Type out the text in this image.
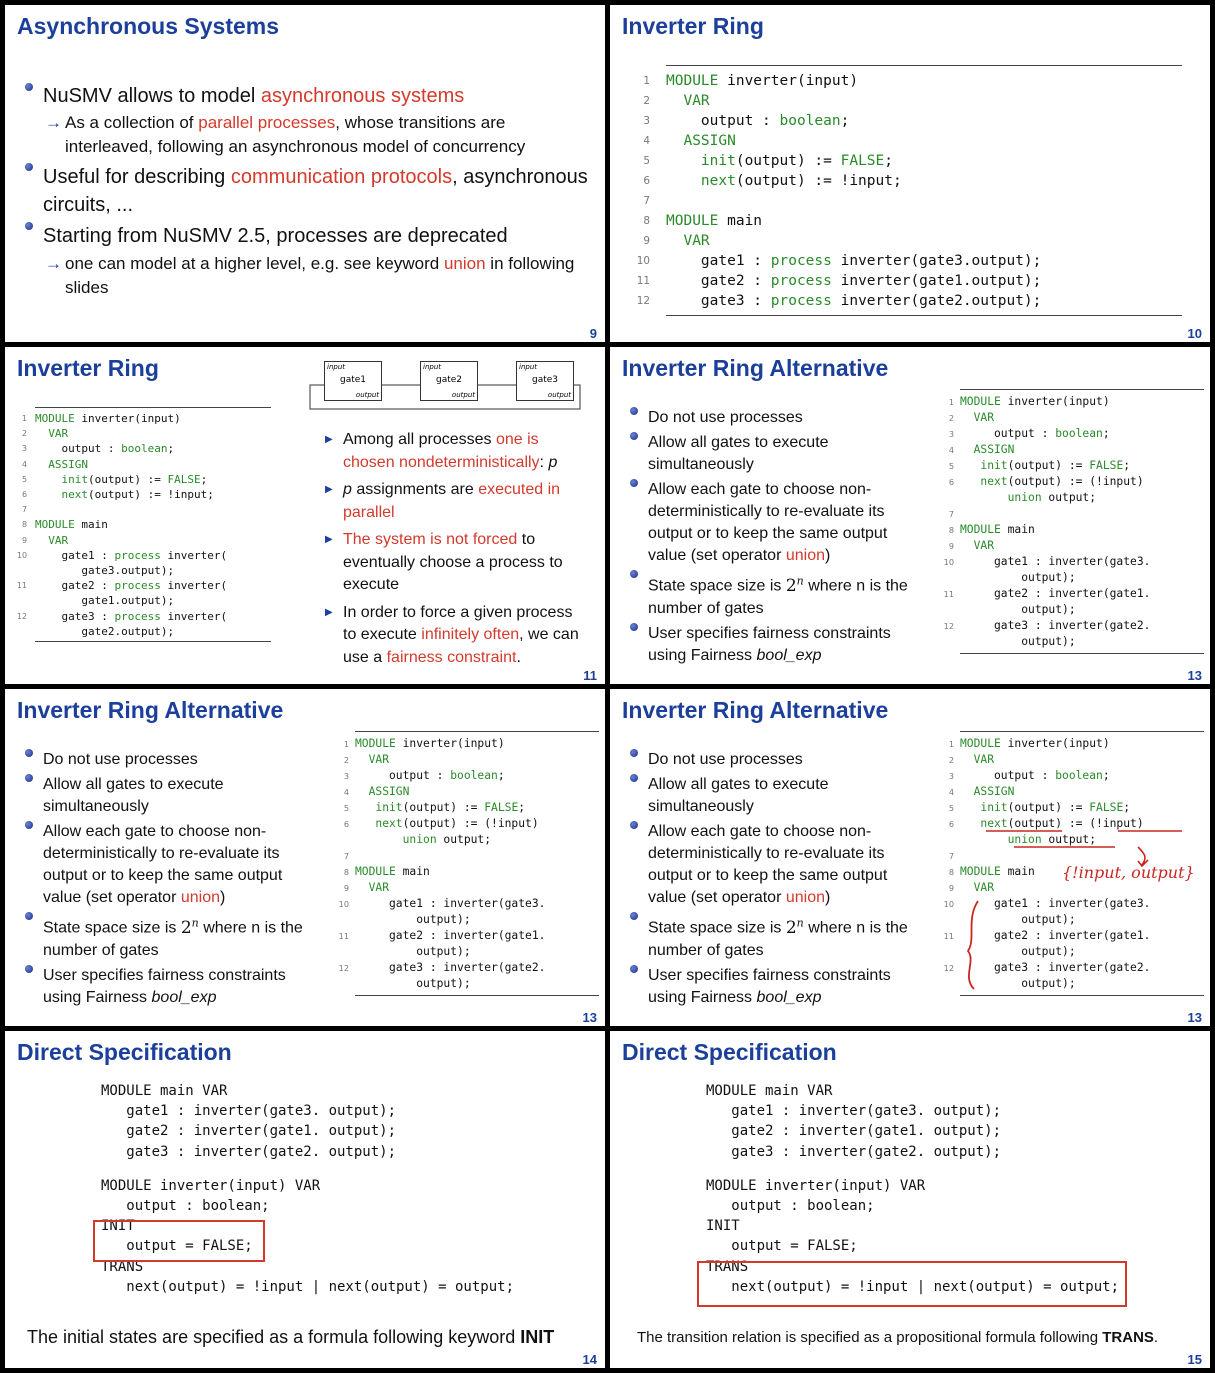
Asynchronous Systems
NuSMV allows to model asynchronous systems
→ As a collection of parallel processes, whose transitions are interleaved, following an asynchronous model of concurrency
Useful for describing communication protocols, asynchronous circuits, ...
Starting from NuSMV 2.5, processes are deprecated
→ one can model at a higher level, e.g. see keyword union in following slides
9
Inverter Ring
1 MODULE inverter(input)
2 VAR
3 output : boolean;
4 ASSIGN
5 init(output) := FALSE;
6 next(output) := !input;
7

8 MODULE main
9 VAR
10 gate1 : process inverter(gate3.output);
11 gate2 : process inverter(gate1.output);
12 gate3 : process inverter(gate2.output);
10
Inverter Ring	input
gate1
output
input
gate2
output
input
gate3
output
1 MODULE inverter(input)
2 VAR
3 output : boolean;
4 ASSIGN
5 init(output) := FALSE;
6 next(output) := !input;
7

8 MODULE main
9 VAR
10 gate1 : process inverter(
gate3.output);
11 gate2 : process inverter(
gate1.output);
12 gate3 : process inverter(
gate2.output);
▶ Among all processes one is chosen nondeterministically: p
▶ p assignments are executed in parallel
▶ The system is not forced to eventually choose a process to execute
▶ In order to force a given process to execute infinitely often, we can use a fairness constraint.
11
Inverter Ring Alternative
Do not use processes
Allow all gates to execute simultaneously
Allow each gate to choose non-deterministically to re-evaluate its output or to keep the same output value (set operator union)
State space size is 2$^n$ where n is the number of gates
User specifies fairness constraints using Fairness bool_exp
1 MODULE inverter(input)
2 VAR
3 output : boolean;
4 ASSIGN
5 init(output) := FALSE;
6 next(output) := (!input)
union output;
7

8 MODULE main
9 VAR
10 gate1 : inverter(gate3.
output);
11 gate2 : inverter(gate1.
output);
12 gate3 : inverter(gate2.
output);
13
Inverter Ring Alternative
Do not use processes
Allow all gates to execute simultaneously
Allow each gate to choose non-deterministically to re-evaluate its output or to keep the same output value (set operator union)
State space size is 2$^n$ where n is the number of gates
User specifies fairness constraints using Fairness bool_exp
1 MODULE inverter(input)
2 VAR
3 output : boolean;
4 ASSIGN
5 init(output) := FALSE;
6 next(output) := (!input)
union output;
7

8 MODULE main
9 VAR
10 gate1 : inverter(gate3.
output);
11 gate2 : inverter(gate1.
output);
12 gate3 : inverter(gate2.
output);
13
Inverter Ring Alternative
Do not use processes
Allow all gates to execute simultaneously
Allow each gate to choose non-deterministically to re-evaluate its output or to keep the same output value (set operator union)
State space size is 2$^n$ where n is the number of gates
User specifies fairness constraints using Fairness bool_exp
1 MODULE inverter(input)
2 VAR
3 output : boolean;
4 ASSIGN
5 init(output) := FALSE;
6 next(output) := (!input)
union output;
7

8 MODULE main
9 VAR
10 gate1 : inverter(gate3.
output);
11 gate2 : inverter(gate1.
output);
12 gate3 : inverter(gate2.
output);
13
{!input, output}
Direct Specification
MODULE main VAR
gate1 : inverter(gate3. output);
gate2 : inverter(gate1. output);
gate3 : inverter(gate2. output);
MODULE inverter(input) VAR
output : boolean;
INIT
output = FALSE;
TRANS
next(output) = !input | next(output) = output;
The initial states are specified as a formula following keyword INIT
14
Direct Specification
MODULE main VAR
gate1 : inverter(gate3. output);
gate2 : inverter(gate1. output);
gate3 : inverter(gate2. output);
MODULE inverter(input) VAR
output : boolean;
INIT
output = FALSE;
TRANS
next(output) = !input | next(output) = output;
The transition relation is specified as a propositional formula following TRANS.
15
